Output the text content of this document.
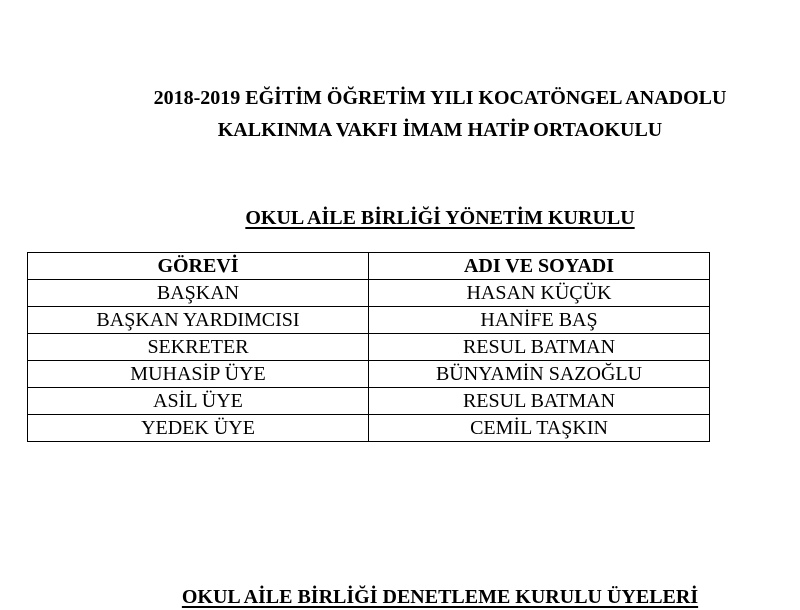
2018-2019 EĞİTİM ÖĞRETİM YILI KOCATÖNGEL ANADOLU
KALKINMA VAKFI İMAM HATİP ORTAOKULU
OKUL AİLE BİRLİĞİ YÖNETİM KURULU
GÖREVİ	ADI VE SOYADI
BAŞKAN	HASAN KÜÇÜK
BAŞKAN YARDIMCISI	HANİFE BAŞ
SEKRETER	RESUL BATMAN
MUHASİP ÜYE	BÜNYAMİN SAZOĞLU
ASİL ÜYE	RESUL BATMAN
YEDEK ÜYE	CEMİL TAŞKIN
OKUL AİLE BİRLİĞİ DENETLEME KURULU ÜYELERİ
